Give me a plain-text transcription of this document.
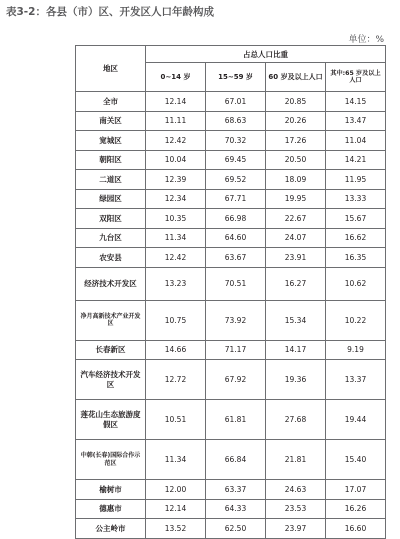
表3-2：各县（市）区、开发区人口年龄构成
单位：%
地区	占总人口比重			
	0~14 岁	15~59 岁	60 岁及以上人口	其中:65 岁及以上人口
全市	12.14	67.01	20.85	14.15
南关区	11.11	68.63	20.26	13.47
宽城区	12.42	70.32	17.26	11.04
朝阳区	10.04	69.45	20.50	14.21
二道区	12.39	69.52	18.09	11.95
绿园区	12.34	67.71	19.95	13.33
双阳区	10.35	66.98	22.67	15.67
九台区	11.34	64.60	24.07	16.62
农安县	12.42	63.67	23.91	16.35
经济技术开发区	13.23	70.51	16.27	10.62
净月高新技术产业开发区	10.75	73.92	15.34	10.22
长春新区	14.66	71.17	14.17	9.19
汽车经济技术开发区	12.72	67.92	19.36	13.37
莲花山生态旅游度假区	10.51	61.81	27.68	19.44
中韩(长春)国际合作示范区	11.34	66.84	21.81	15.40
榆树市	12.00	63.37	24.63	17.07
德惠市	12.14	64.33	23.53	16.26
公主岭市	13.52	62.50	23.97	16.60
